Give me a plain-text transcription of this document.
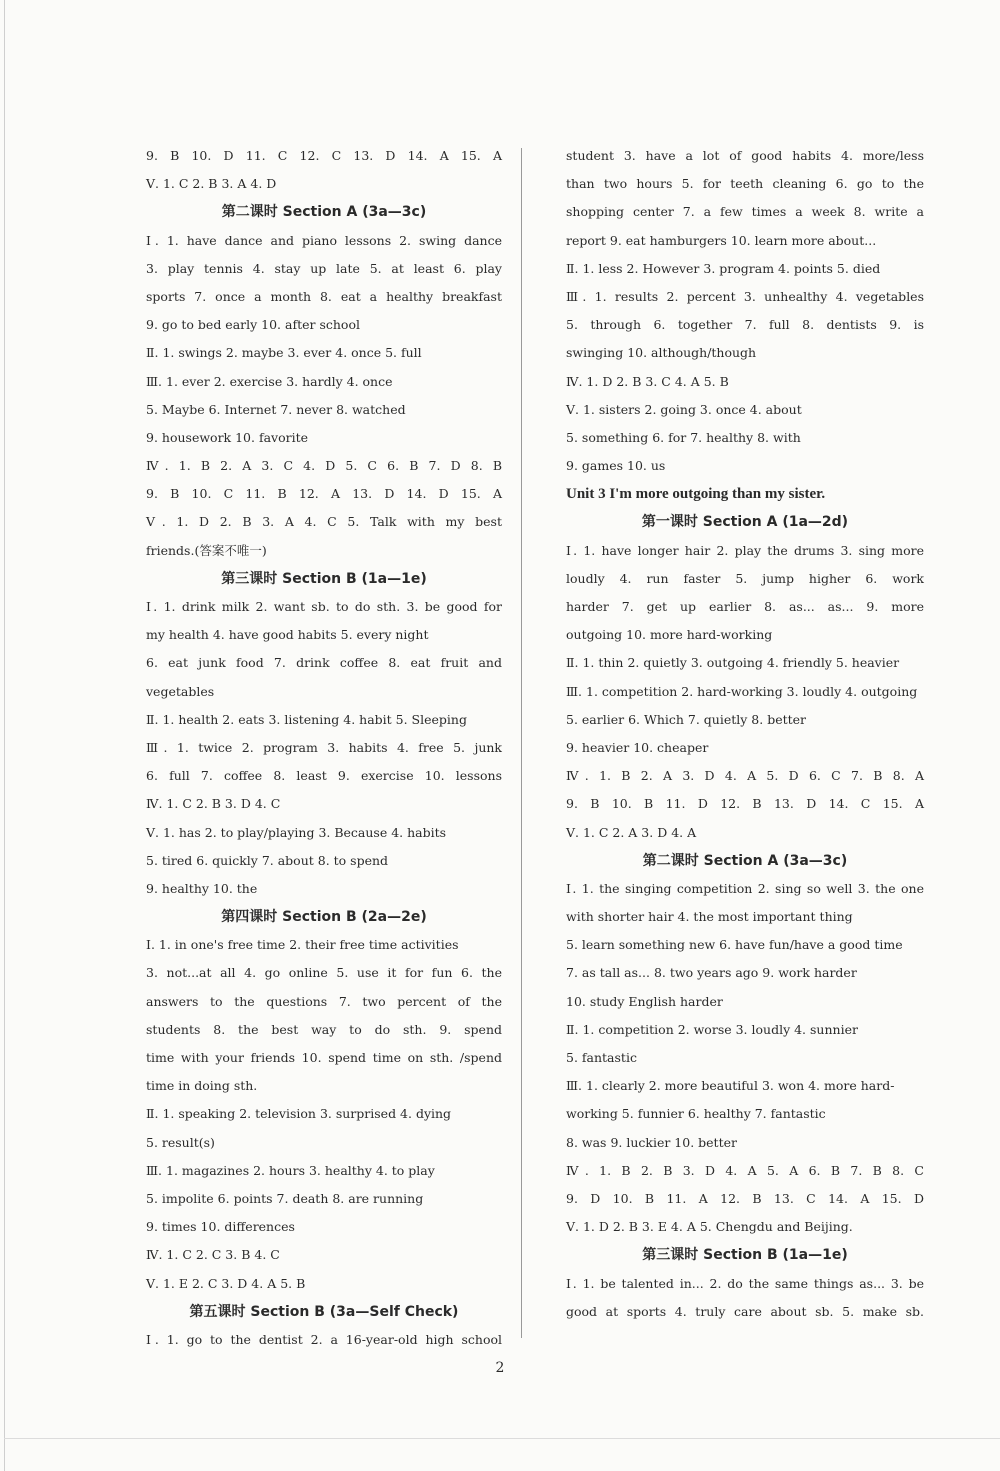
9. B 10. D 11. C 12. C 13. D 14. A 15. A
Ⅴ. 1. C 2. B 3. A 4. D
第二课时 Section A (3a—3c)
Ⅰ. 1. have dance and piano lessons 2. swing dance
3. play tennis 4. stay up late 5. at least 6. play
sports 7. once a month 8. eat a healthy breakfast
9. go to bed early 10. after school
Ⅱ. 1. swings 2. maybe 3. ever 4. once 5. full
Ⅲ. 1. ever 2. exercise 3. hardly 4. once
5. Maybe 6. Internet 7. never 8. watched
9. housework 10. favorite
Ⅳ. 1. B 2. A 3. C 4. D 5. C 6. B 7. D 8. B
9. B 10. C 11. B 12. A 13. D 14. D 15. A
Ⅴ. 1. D 2. B 3. A 4. C 5. Talk with my best
friends.(答案不唯一)
第三课时 Section B (1a—1e)
Ⅰ. 1. drink milk 2. want sb. to do sth. 3. be good for
my health 4. have good habits 5. every night
6. eat junk food 7. drink coffee 8. eat fruit and
vegetables
Ⅱ. 1. health 2. eats 3. listening 4. habit 5. Sleeping
Ⅲ. 1. twice 2. program 3. habits 4. free 5. junk
6. full 7. coffee 8. least 9. exercise 10. lessons
Ⅳ. 1. C 2. B 3. D 4. C
Ⅴ. 1. has 2. to play/playing 3. Because 4. habits
5. tired 6. quickly 7. about 8. to spend
9. healthy 10. the
第四课时 Section B (2a—2e)
Ⅰ. 1. in one's free time 2. their free time activities
3. not...at all 4. go online 5. use it for fun 6. the
answers to the questions 7. two percent of the
students 8. the best way to do sth. 9. spend
time with your friends 10. spend time on sth. /spend
time in doing sth.
Ⅱ. 1. speaking 2. television 3. surprised 4. dying
5. result(s)
Ⅲ. 1. magazines 2. hours 3. healthy 4. to play
5. impolite 6. points 7. death 8. are running
9. times 10. differences
Ⅳ. 1. C 2. C 3. B 4. C
Ⅴ. 1. E 2. C 3. D 4. A 5. B
第五课时 Section B (3a—Self Check)
Ⅰ. 1. go to the dentist 2. a 16-year-old high school
student 3. have a lot of good habits 4. more/less
than two hours 5. for teeth cleaning 6. go to the
shopping center 7. a few times a week 8. write a
report 9. eat hamburgers 10. learn more about...
Ⅱ. 1. less 2. However 3. program 4. points 5. died
Ⅲ. 1. results 2. percent 3. unhealthy 4. vegetables
5. through 6. together 7. full 8. dentists 9. is
swinging 10. although/though
Ⅳ. 1. D 2. B 3. C 4. A 5. B
Ⅴ. 1. sisters 2. going 3. once 4. about
5. something 6. for 7. healthy 8. with
9. games 10. us
Unit 3 I'm more outgoing than my sister.
第一课时 Section A (1a—2d)
Ⅰ. 1. have longer hair 2. play the drums 3. sing more
loudly 4. run faster 5. jump higher 6. work
harder 7. get up earlier 8. as... as... 9. more
outgoing 10. more hard-working
Ⅱ. 1. thin 2. quietly 3. outgoing 4. friendly 5. heavier
Ⅲ. 1. competition 2. hard-working 3. loudly 4. outgoing
5. earlier 6. Which 7. quietly 8. better
9. heavier 10. cheaper
Ⅳ. 1. B 2. A 3. D 4. A 5. D 6. C 7. B 8. A
9. B 10. B 11. D 12. B 13. D 14. C 15. A
Ⅴ. 1. C 2. A 3. D 4. A
第二课时 Section A (3a—3c)
Ⅰ. 1. the singing competition 2. sing so well 3. the one
with shorter hair 4. the most important thing
5. learn something new 6. have fun/have a good time
7. as tall as... 8. two years ago 9. work harder
10. study English harder
Ⅱ. 1. competition 2. worse 3. loudly 4. sunnier
5. fantastic
Ⅲ. 1. clearly 2. more beautiful 3. won 4. more hard-
working 5. funnier 6. healthy 7. fantastic
8. was 9. luckier 10. better
Ⅳ. 1. B 2. B 3. D 4. A 5. A 6. B 7. B 8. C
9. D 10. B 11. A 12. B 13. C 14. A 15. D
Ⅴ. 1. D 2. B 3. E 4. A 5. Chengdu and Beijing.
第三课时 Section B (1a—1e)
Ⅰ. 1. be talented in... 2. do the same things as... 3. be
good at sports 4. truly care about sb. 5. make sb.
2
